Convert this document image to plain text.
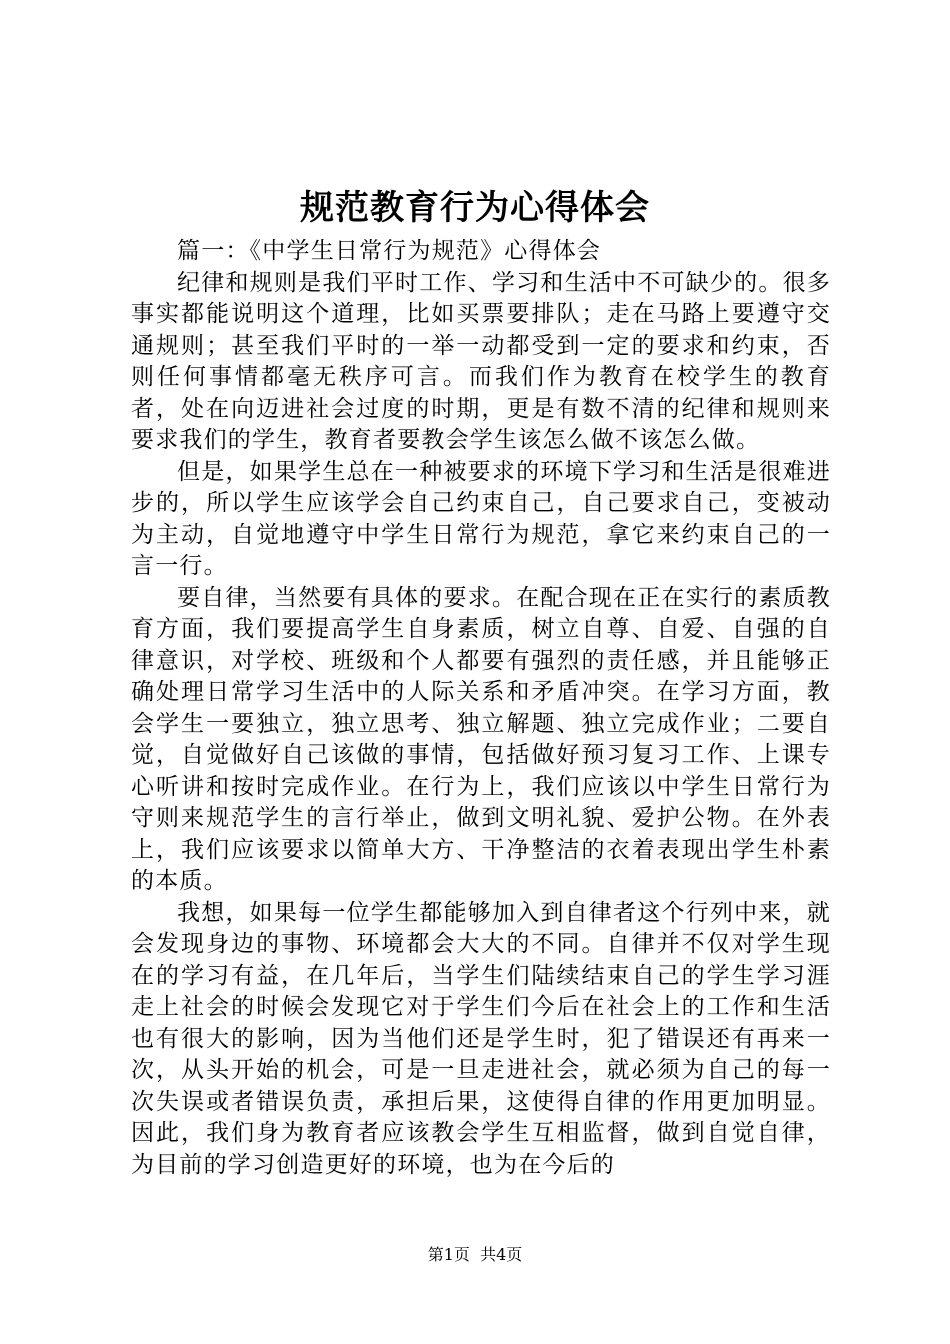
规范教育行为心得体会

篇一：《中学生日常行为规范》心得体会

纪律和规则是我们平时工作、学习和生活中不可缺少的。很多事实都能说明这个道理，比如买票要排队；走在马路上要遵守交通规则；甚至我们平时的一举一动都受到一定的要求和约束，否则任何事情都毫无秩序可言。而我们作为教育在校学生的教育者，处在向迈进社会过度的时期，更是有数不清的纪律和规则来要求我们的学生，教育者要教会学生该怎么做不该怎么做。

但是，如果学生总在一种被要求的环境下学习和生活是很难进步的，所以学生应该学会自己约束自己，自己要求自己，变被动为主动，自觉地遵守中学生日常行为规范，拿它来约束自己的一言一行。

要自律，当然要有具体的要求。在配合现在正在实行的素质教育方面，我们要提高学生自身素质，树立自尊、自爱、自强的自律意识，对学校、班级和个人都要有强烈的责任感，并且能够正确处理日常学习生活中的人际关系和矛盾冲突。在学习方面，教会学生一要独立，独立思考、独立解题、独立完成作业；二要自觉，自觉做好自己该做的事情，包括做好预习复习工作、上课专心听讲和按时完成作业。在行为上，我们应该以中学生日常行为守则来规范学生的言行举止，做到文明礼貌、爱护公物。在外表上，我们应该要求以简单大方、干净整洁的衣着表现出学生朴素的本质。

我想，如果每一位学生都能够加入到自律者这个行列中来，就会发现身边的事物、环境都会大大的不同。自律并不仅对学生现在的学习有益，在几年后，当学生们陆续结束自己的学生学习涯走上社会的时候会发现它对于学生们今后在社会上的工作和生活也有很大的影响，因为当他们还是学生时，犯了错误还有再来一次，从头开始的机会，可是一旦走进社会，就必须为自己的每一次失误或者错误负责，承担后果，这使得自律的作用更加明显。因此，我们身为教育者应该教会学生互相监督，做到自觉自律，为目前的学习创造更好的环境，也为在今后的

第1页  共4页
